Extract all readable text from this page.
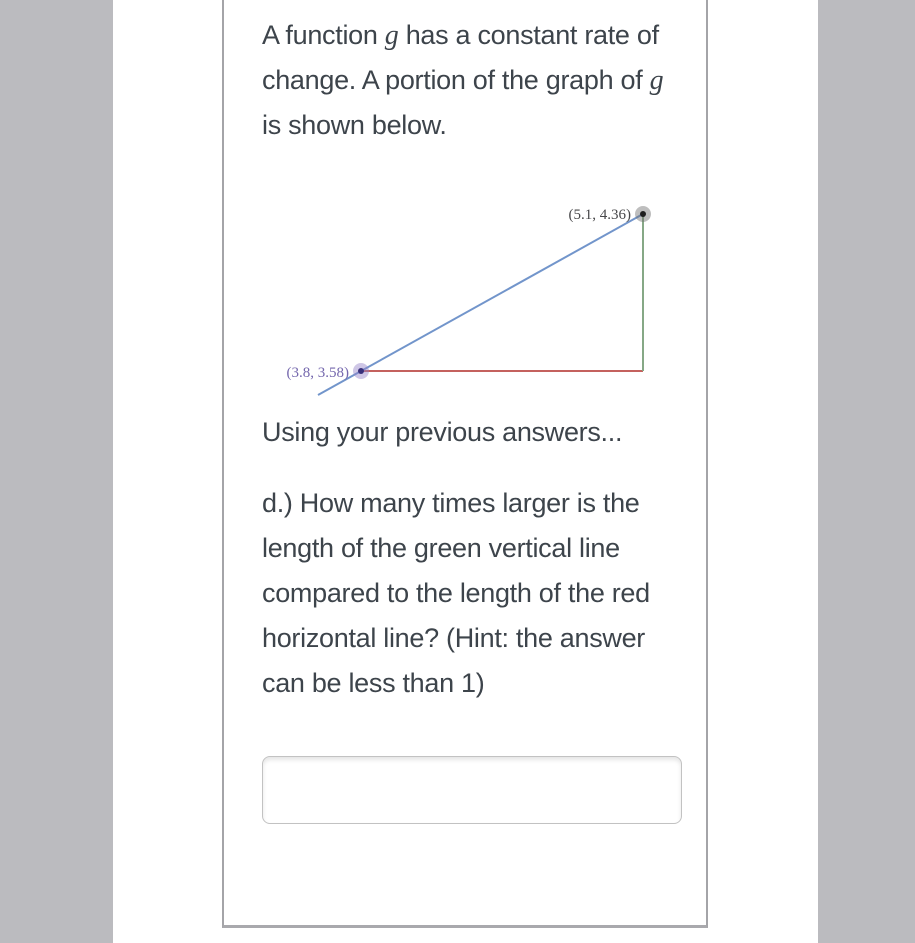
A function g has a constant rate of change. A portion of the graph of g is shown below.

(3.8, 3.58)
(5.1, 4.36)

Using your previous answers...

d.) How many times larger is the length of the green vertical line compared to the length of the red horizontal line? (Hint: the answer can be less than 1)
